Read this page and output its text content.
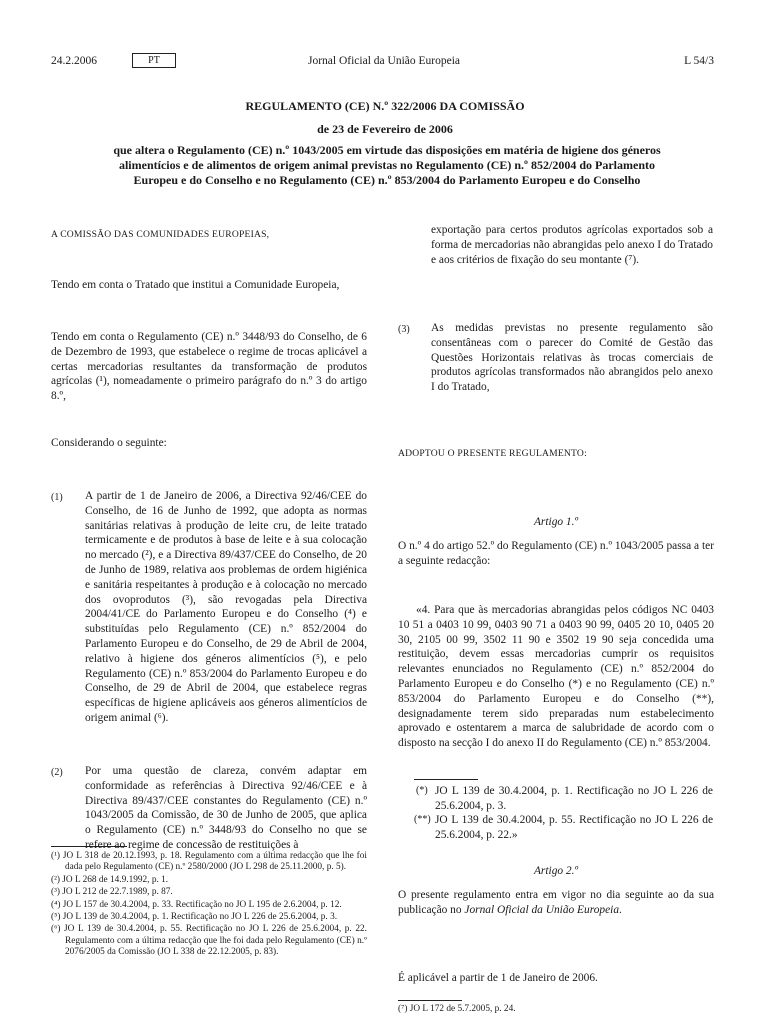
24.2.2006	PT	Jornal Oficial da União Europeia	L 54/3
REGULAMENTO (CE) N.º 322/2006 DA COMISSÃO
de 23 de Fevereiro de 2006
que altera o Regulamento (CE) n.º 1043/2005 em virtude das disposições em matéria de higiene dos géneros alimentícios e de alimentos de origem animal previstas no Regulamento (CE) n.º 852/2004 do Parlamento Europeu e do Conselho e no Regulamento (CE) n.º 853/2004 do Parlamento Europeu e do Conselho
A COMISSÃO DAS COMUNIDADES EUROPEIAS,
Tendo em conta o Tratado que institui a Comunidade Europeia,
Tendo em conta o Regulamento (CE) n.º 3448/93 do Conselho, de 6 de Dezembro de 1993, que estabelece o regime de trocas aplicável a certas mercadorias resultantes da transformação de produtos agrícolas (¹), nomeadamente o primeiro parágrafo do n.º 3 do artigo 8.º,
Considerando o seguinte:
(1) A partir de 1 de Janeiro de 2006, a Directiva 92/46/CEE do Conselho, de 16 de Junho de 1992, que adopta as normas sanitárias relativas à produção de leite cru, de leite tratado termicamente e de produtos à base de leite e à sua colocação no mercado (²), e a Directiva 89/437/CEE do Conselho, de 20 de Junho de 1989, relativa aos problemas de ordem higiénica e sanitária respeitantes à produção e à colocação no mercado dos ovoprodutos (³), são revogadas pela Directiva 2004/41/CE do Parlamento Europeu e do Conselho (⁴) e substituídas pelo Regulamento (CE) n.º 852/2004 do Parlamento Europeu e do Conselho, de 29 de Abril de 2004, relativo à higiene dos géneros alimentícios (⁵), e pelo Regulamento (CE) n.º 853/2004 do Parlamento Europeu e do Conselho, de 29 de Abril de 2004, que estabelece regras específicas de higiene aplicáveis aos géneros alimentícios de origem animal (⁶).
(2) Por uma questão de clareza, convém adaptar em conformidade as referências à Directiva 92/46/CEE e à Directiva 89/437/CEE constantes do Regulamento (CE) n.º 1043/2005 da Comissão, de 30 de Junho de 2005, que aplica o Regulamento (CE) n.º 3448/93 do Conselho no que se refere ao regime de concessão de restituições à
(¹) JO L 318 de 20.12.1993, p. 18. Regulamento com a última redacção que lhe foi dada pelo Regulamento (CE) n.º 2580/2000 (JO L 298 de 25.11.2000, p. 5).
(²) JO L 268 de 14.9.1992, p. 1.
(³) JO L 212 de 22.7.1989, p. 87.
(⁴) JO L 157 de 30.4.2004, p. 33. Rectificação no JO L 195 de 2.6.2004, p. 12.
(⁵) JO L 139 de 30.4.2004, p. 1. Rectificação no JO L 226 de 25.6.2004, p. 3.
(⁶) JO L 139 de 30.4.2004, p. 55. Rectificação no JO L 226 de 25.6.2004, p. 22. Regulamento com a última redacção que lhe foi dada pelo Regulamento (CE) n.º 2076/2005 da Comissão (JO L 338 de 22.12.2005, p. 83).
exportação para certos produtos agrícolas exportados sob a forma de mercadorias não abrangidas pelo anexo I do Tratado e aos critérios de fixação do seu montante (⁷).
(3) As medidas previstas no presente regulamento são consentâneas com o parecer do Comité de Gestão das Questões Horizontais relativas às trocas comerciais de produtos agrícolas transformados não abrangidos pelo anexo I do Tratado,
ADOPTOU O PRESENTE REGULAMENTO:
Artigo 1.º
O n.º 4 do artigo 52.º do Regulamento (CE) n.º 1043/2005 passa a ter a seguinte redacção:
«4. Para que às mercadorias abrangidas pelos códigos NC 0403 10 51 a 0403 10 99, 0403 90 71 a 0403 90 99, 0405 20 10, 0405 20 30, 2105 00 99, 3502 11 90 e 3502 19 90 seja concedida uma restituição, devem essas mercadorias cumprir os requisitos relevantes enunciados no Regulamento (CE) n.º 852/2004 do Parlamento Europeu e do Conselho (*) e no Regulamento (CE) n.º 853/2004 do Parlamento Europeu e do Conselho (**), designadamente terem sido preparadas num estabelecimento aprovado e ostentarem a marca de salubridade de acordo com o disposto na secção I do anexo II do Regulamento (CE) n.º 853/2004.
(*) JO L 139 de 30.4.2004, p. 1. Rectificação no JO L 226 de 25.6.2004, p. 3.
(**) JO L 139 de 30.4.2004, p. 55. Rectificação no JO L 226 de 25.6.2004, p. 22.»
Artigo 2.º
O presente regulamento entra em vigor no dia seguinte ao da sua publicação no Jornal Oficial da União Europeia.
É aplicável a partir de 1 de Janeiro de 2006.
(⁷) JO L 172 de 5.7.2005, p. 24.
